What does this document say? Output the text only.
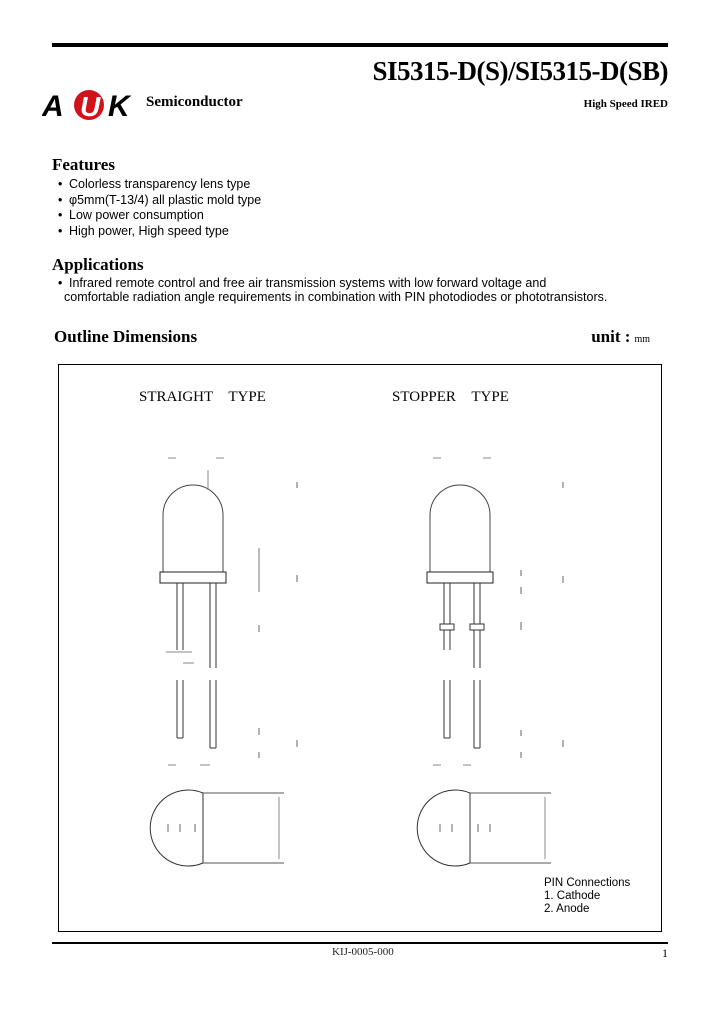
A U K Semiconductor
SI5315-D(S)/SI5315-D(SB)
High Speed IRED
Features
• Colorless transparency lens type
• φ5mm(T-13/4) all plastic mold type
• Low power consumption
• High power, High speed type
Applications
• Infrared remote control and free air transmission systems with low forward voltage and
comfortable radiation angle requirements in combination with PIN photodiodes or phototransistors.
Outline Dimensions	unit : mm
STRAIGHT TYPE	STOPPER TYPE
PIN Connections
1. Cathode
2. Anode
KIJ-0005-000	1
